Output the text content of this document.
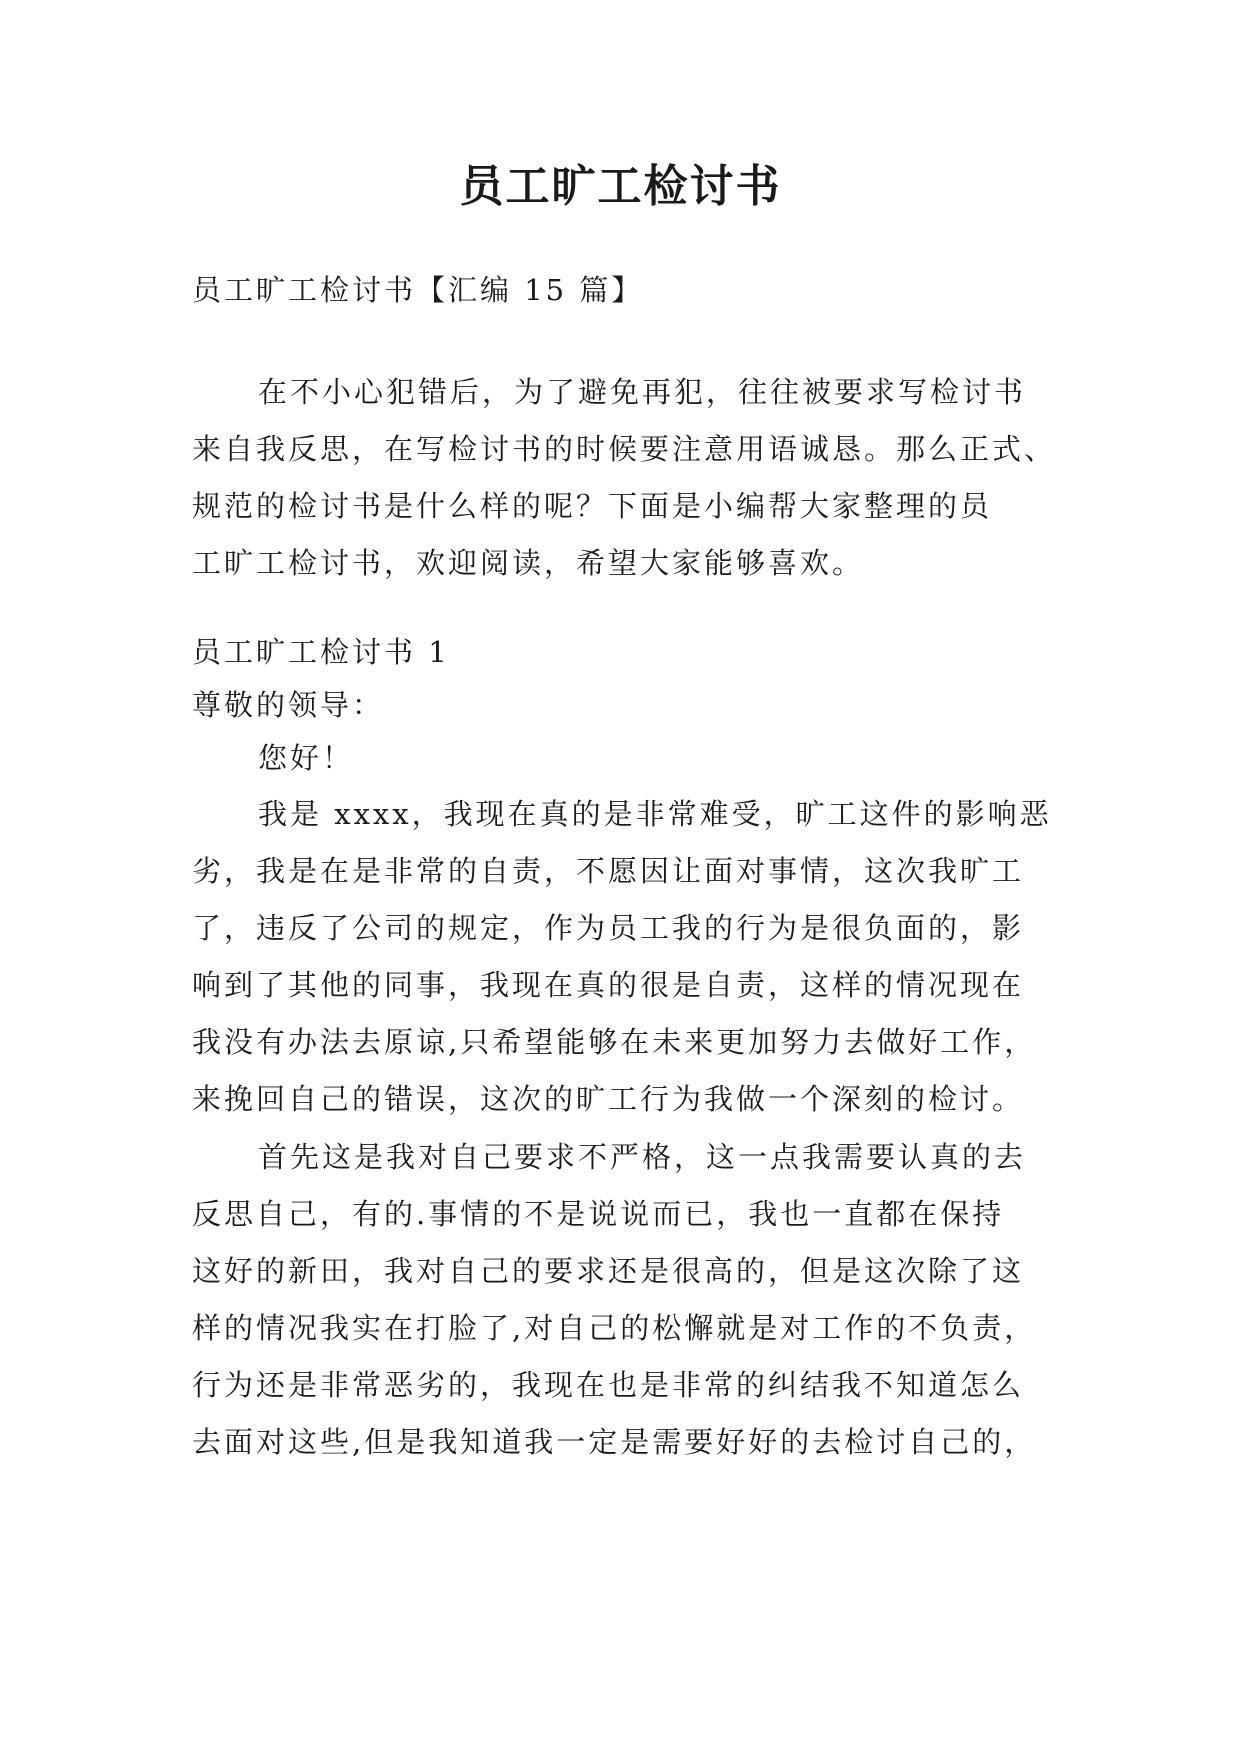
员工旷工检讨书

员工旷工检讨书【汇编 15 篇】

在不小心犯错后，为了避免再犯，往往被要求写检讨书

来自我反思，在写检讨书的时候要注意用语诚恳。那么正式、

规范的检讨书是什么样的呢？下面是小编帮大家整理的员

工旷工检讨书，欢迎阅读，希望大家能够喜欢。

员工旷工检讨书 1

尊敬的领导：

您好！

我是 xxxx，我现在真的是非常难受，旷工这件的影响恶

劣，我是在是非常的自责，不愿因让面对事情，这次我旷工

了，违反了公司的规定，作为员工我的行为是很负面的，影

响到了其他的同事，我现在真的很是自责，这样的情况现在

我没有办法去原谅,只希望能够在未来更加努力去做好工作，

来挽回自己的错误，这次的旷工行为我做一个深刻的检讨。

首先这是我对自己要求不严格，这一点我需要认真的去

反思自己，有的.事情的不是说说而已，我也一直都在保持

这好的新田，我对自己的要求还是很高的，但是这次除了这

样的情况我实在打脸了,对自己的松懈就是对工作的不负责，

行为还是非常恶劣的，我现在也是非常的纠结我不知道怎么

去面对这些,但是我知道我一定是需要好好的去检讨自己的，
